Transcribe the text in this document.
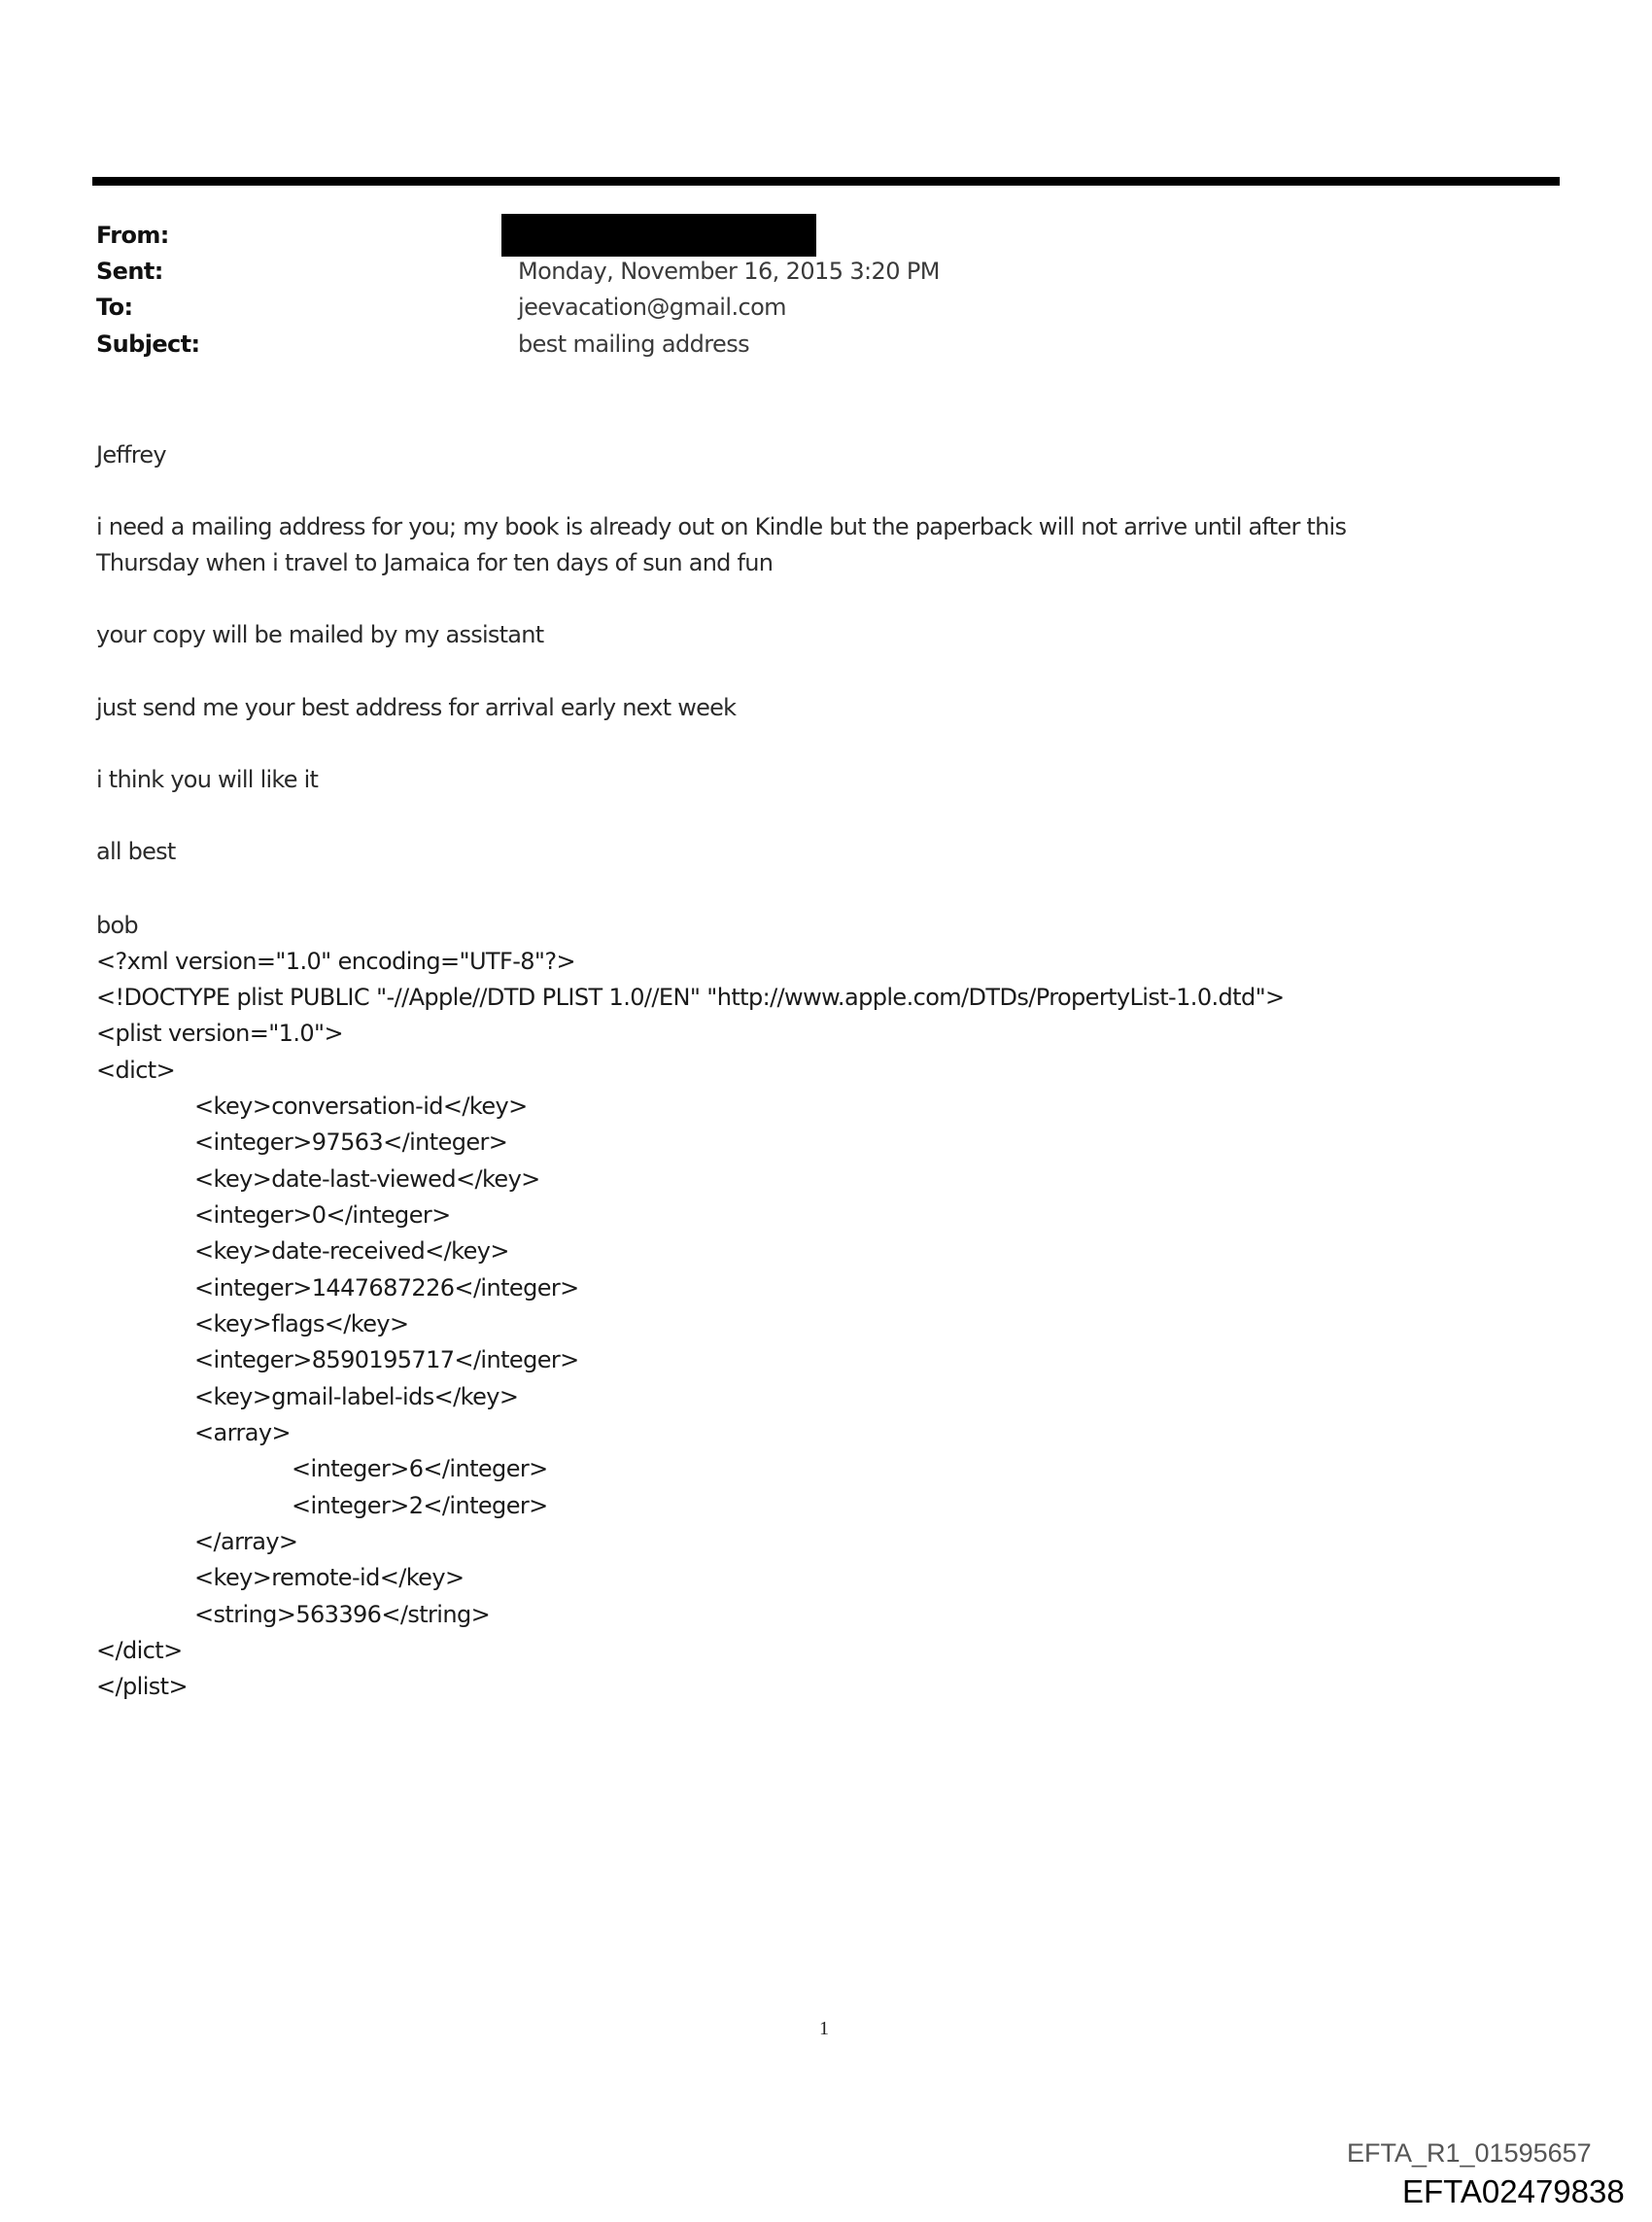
From:
Sent:	Monday, November 16, 2015 3:20 PM
To:	jeevacation@gmail.com
Subject:	best mailing address

Jeffrey

i need a mailing address for you; my book is already out on Kindle but the paperback will not arrive until after this

Thursday when i travel to Jamaica for ten days of sun and fun

your copy will be mailed by my assistant

just send me your best address for arrival early next week

i think you will like it

all best

bob

<?xml version="1.0" encoding="UTF-8"?>
<!DOCTYPE plist PUBLIC "-//Apple//DTD PLIST 1.0//EN" "http://www.apple.com/DTDs/PropertyList-1.0.dtd">
<plist version="1.0">
<dict>
<key>conversation-id</key>
<integer>97563</integer>
<key>date-last-viewed</key>
<integer>0</integer>
<key>date-received</key>
<integer>1447687226</integer>
<key>flags</key>
<integer>8590195717</integer>
<key>gmail-label-ids</key>
<array>
<integer>6</integer>
<integer>2</integer>
</array>
<key>remote-id</key>
<string>563396</string>
</dict>
</plist>
1
EFTA_R1_01595657
EFTA02479838
